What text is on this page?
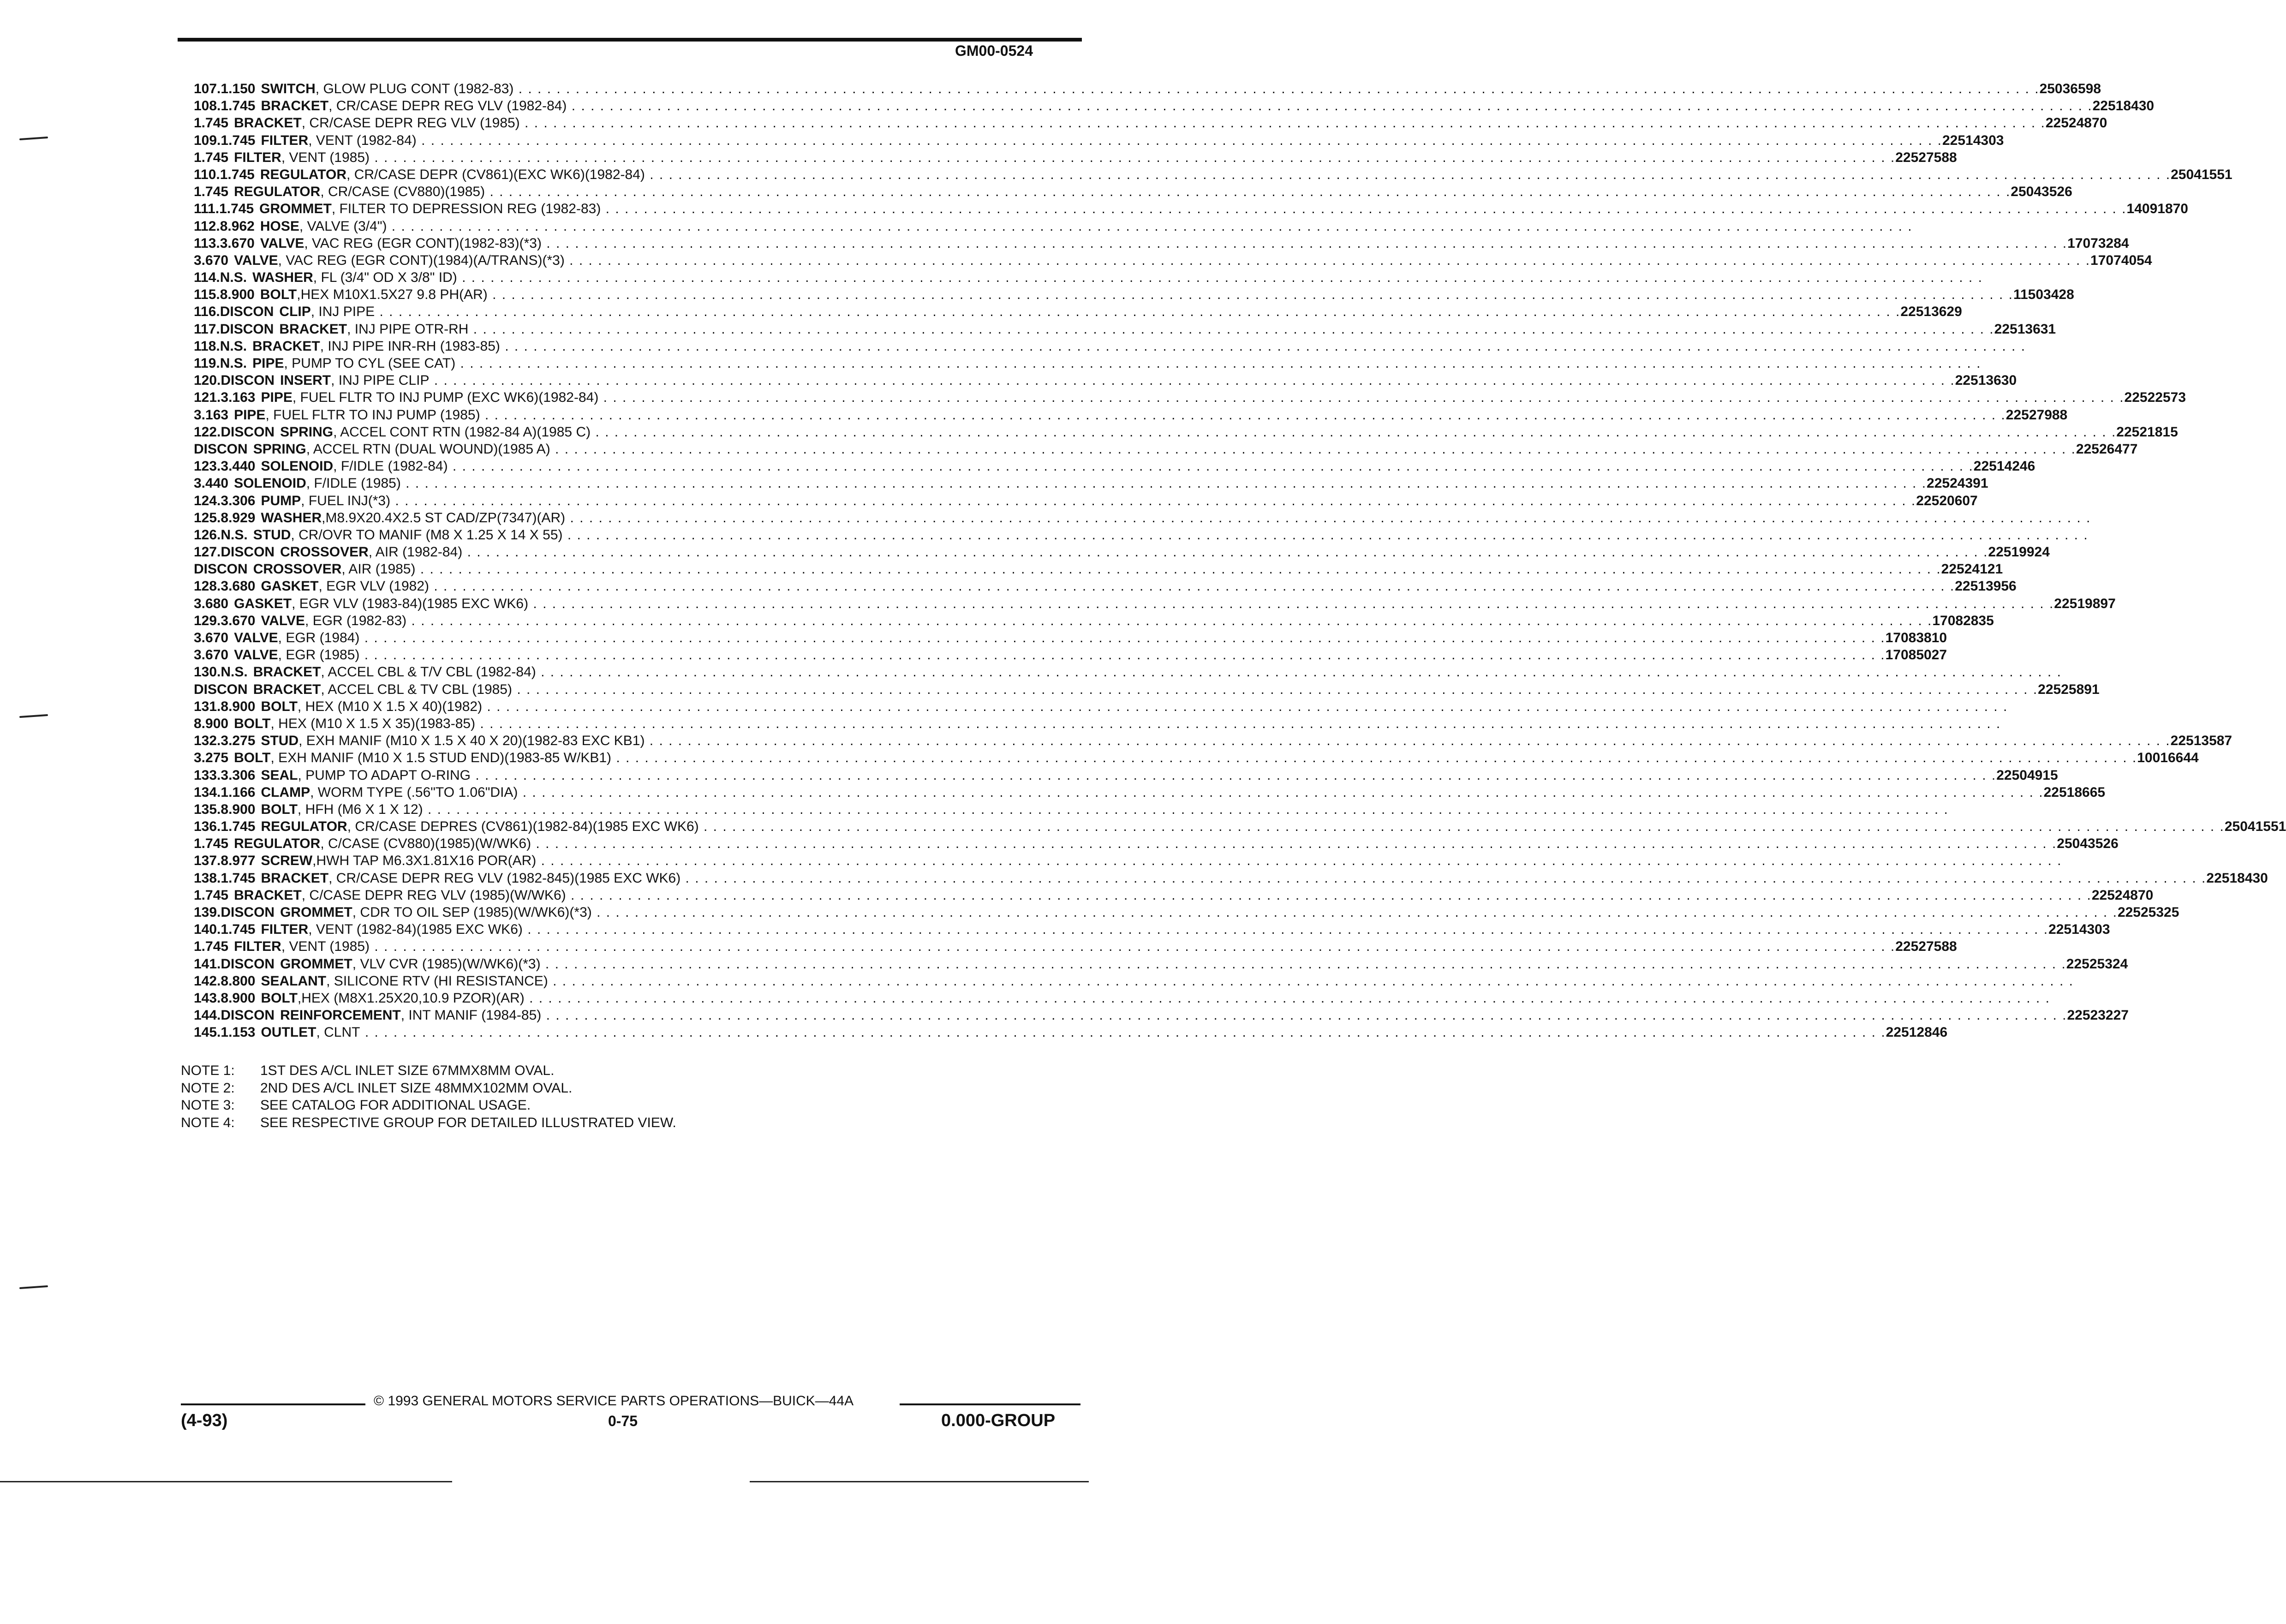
GM00-0524
107. 1.150 SWITCH, GLOW PLUG CONT (1982-83) . . . . . . . . . . . . . . . . . . . . . . . . . . . . . . . . . . . . . . . . . . . . . . . . . . . . . . . . . . . . . . . . . . . . . . . . . . . . . . . . . . . . . . . . . . . . . . . . . . . . . . . . . . . . . . . . . . . . . . . . . . . . . . . . . . . . . . . . . . . . . . . . . . . . . . . . . . . . . . . . 25036598
108. 1.745 BRACKET, CR/CASE DEPR REG VLV (1982-84) . . . . . . . . . . . . . . . . . . . . . . . . . . . . . . . . . . . . . . . . . . . . . . . . . . . . . . . . . . . . . . . . . . . . . . . . . . . . . . . . . . . . . . . . . . . . . . . . . . . . . . . . . . . . . . . . . . . . . . . . . . . . . . . . . . . . . . . . . . . . . . . . . . . . . . . . . . . . . . . . 22518430
1.745 BRACKET, CR/CASE DEPR REG VLV (1985) . . . . . . . . . . . . . . . . . . . . . . . . . . . . . . . . . . . . . . . . . . . . . . . . . . . . . . . . . . . . . . . . . . . . . . . . . . . . . . . . . . . . . . . . . . . . . . . . . . . . . . . . . . . . . . . . . . . . . . . . . . . . . . . . . . . . . . . . . . . . . . . . . . . . . . . . . . . . . . . . 22524870
109. 1.745 FILTER, VENT (1982-84) . . . . . . . . . . . . . . . . . . . . . . . . . . . . . . . . . . . . . . . . . . . . . . . . . . . . . . . . . . . . . . . . . . . . . . . . . . . . . . . . . . . . . . . . . . . . . . . . . . . . . . . . . . . . . . . . . . . . . . . . . . . . . . . . . . . . . . . . . . . . . . . . . . . . . . . . . . . . . . . . 22514303
1.745 FILTER, VENT (1985) . . . . . . . . . . . . . . . . . . . . . . . . . . . . . . . . . . . . . . . . . . . . . . . . . . . . . . . . . . . . . . . . . . . . . . . . . . . . . . . . . . . . . . . . . . . . . . . . . . . . . . . . . . . . . . . . . . . . . . . . . . . . . . . . . . . . . . . . . . . . . . . . . . . . . . . . . . . . . . . . 22527588
110. 1.745 REGULATOR, CR/CASE DEPR (CV861)(EXC WK6)(1982-84) . . . . . . . . . . . . . . . . . . . . . . . . . . . . . . . . . . . . . . . . . . . . . . . . . . . . . . . . . . . . . . . . . . . . . . . . . . . . . . . . . . . . . . . . . . . . . . . . . . . . . . . . . . . . . . . . . . . . . . . . . . . . . . . . . . . . . . . . . . . . . . . . . . . . . . . . . . . . . . . . 25041551
1.745 REGULATOR, CR/CASE (CV880)(1985) . . . . . . . . . . . . . . . . . . . . . . . . . . . . . . . . . . . . . . . . . . . . . . . . . . . . . . . . . . . . . . . . . . . . . . . . . . . . . . . . . . . . . . . . . . . . . . . . . . . . . . . . . . . . . . . . . . . . . . . . . . . . . . . . . . . . . . . . . . . . . . . . . . . . . . . . . . . . . . . . 25043526
111. 1.745 GROMMET, FILTER TO DEPRESSION REG (1982-83) . . . . . . . . . . . . . . . . . . . . . . . . . . . . . . . . . . . . . . . . . . . . . . . . . . . . . . . . . . . . . . . . . . . . . . . . . . . . . . . . . . . . . . . . . . . . . . . . . . . . . . . . . . . . . . . . . . . . . . . . . . . . . . . . . . . . . . . . . . . . . . . . . . . . . . . . . . . . . . . . 14091870
112. 8.962 HOSE, VALVE (3/4") . . . . . . . . . . . . . . . . . . . . . . . . . . . . . . . . . . . . . . . . . . . . . . . . . . . . . . . . . . . . . . . . . . . . . . . . . . . . . . . . . . . . . . . . . . . . . . . . . . . . . . . . . . . . . . . . . . . . . . . . . . . . . . . . . . . . . . . . . . . . . . . . . . . . . . . . . . . . . . . .
113. 3.670 VALVE, VAC REG (EGR CONT)(1982-83)(*3) . . . . . . . . . . . . . . . . . . . . . . . . . . . . . . . . . . . . . . . . . . . . . . . . . . . . . . . . . . . . . . . . . . . . . . . . . . . . . . . . . . . . . . . . . . . . . . . . . . . . . . . . . . . . . . . . . . . . . . . . . . . . . . . . . . . . . . . . . . . . . . . . . . . . . . . . . . . . . . . . 17073284
3.670 VALVE, VAC REG (EGR CONT)(1984)(A/TRANS)(*3) . . . . . . . . . . . . . . . . . . . . . . . . . . . . . . . . . . . . . . . . . . . . . . . . . . . . . . . . . . . . . . . . . . . . . . . . . . . . . . . . . . . . . . . . . . . . . . . . . . . . . . . . . . . . . . . . . . . . . . . . . . . . . . . . . . . . . . . . . . . . . . . . . . . . . . . . . . . . . . . . 17074054
114. N.S. WASHER, FL (3/4" OD X 3/8" ID) . . . . . . . . . . . . . . . . . . . . . . . . . . . . . . . . . . . . . . . . . . . . . . . . . . . . . . . . . . . . . . . . . . . . . . . . . . . . . . . . . . . . . . . . . . . . . . . . . . . . . . . . . . . . . . . . . . . . . . . . . . . . . . . . . . . . . . . . . . . . . . . . . . . . . . . . . . . . . . . .
115. 8.900 BOLT,HEX M10X1.5X27 9.8 PH(AR) . . . . . . . . . . . . . . . . . . . . . . . . . . . . . . . . . . . . . . . . . . . . . . . . . . . . . . . . . . . . . . . . . . . . . . . . . . . . . . . . . . . . . . . . . . . . . . . . . . . . . . . . . . . . . . . . . . . . . . . . . . . . . . . . . . . . . . . . . . . . . . . . . . . . . . . . . . . . . . . . 11503428
116. DISCON CLIP, INJ PIPE . . . . . . . . . . . . . . . . . . . . . . . . . . . . . . . . . . . . . . . . . . . . . . . . . . . . . . . . . . . . . . . . . . . . . . . . . . . . . . . . . . . . . . . . . . . . . . . . . . . . . . . . . . . . . . . . . . . . . . . . . . . . . . . . . . . . . . . . . . . . . . . . . . . . . . . . . . . . . . . . 22513629
117. DISCON BRACKET, INJ PIPE OTR-RH . . . . . . . . . . . . . . . . . . . . . . . . . . . . . . . . . . . . . . . . . . . . . . . . . . . . . . . . . . . . . . . . . . . . . . . . . . . . . . . . . . . . . . . . . . . . . . . . . . . . . . . . . . . . . . . . . . . . . . . . . . . . . . . . . . . . . . . . . . . . . . . . . . . . . . . . . . . . . . . . 22513631
118. N.S. BRACKET, INJ PIPE INR-RH (1983-85) . . . . . . . . . . . . . . . . . . . . . . . . . . . . . . . . . . . . . . . . . . . . . . . . . . . . . . . . . . . . . . . . . . . . . . . . . . . . . . . . . . . . . . . . . . . . . . . . . . . . . . . . . . . . . . . . . . . . . . . . . . . . . . . . . . . . . . . . . . . . . . . . . . . . . . . . . . . . . . . .
119. N.S. PIPE, PUMP TO CYL (SEE CAT) . . . . . . . . . . . . . . . . . . . . . . . . . . . . . . . . . . . . . . . . . . . . . . . . . . . . . . . . . . . . . . . . . . . . . . . . . . . . . . . . . . . . . . . . . . . . . . . . . . . . . . . . . . . . . . . . . . . . . . . . . . . . . . . . . . . . . . . . . . . . . . . . . . . . . . . . . . . . . . . .
120. DISCON INSERT, INJ PIPE CLIP . . . . . . . . . . . . . . . . . . . . . . . . . . . . . . . . . . . . . . . . . . . . . . . . . . . . . . . . . . . . . . . . . . . . . . . . . . . . . . . . . . . . . . . . . . . . . . . . . . . . . . . . . . . . . . . . . . . . . . . . . . . . . . . . . . . . . . . . . . . . . . . . . . . . . . . . . . . . . . . . 22513630
121. 3.163 PIPE, FUEL FLTR TO INJ PUMP (EXC WK6)(1982-84) . . . . . . . . . . . . . . . . . . . . . . . . . . . . . . . . . . . . . . . . . . . . . . . . . . . . . . . . . . . . . . . . . . . . . . . . . . . . . . . . . . . . . . . . . . . . . . . . . . . . . . . . . . . . . . . . . . . . . . . . . . . . . . . . . . . . . . . . . . . . . . . . . . . . . . . . . . . . . . . . 22522573
3.163 PIPE, FUEL FLTR TO INJ PUMP (1985) . . . . . . . . . . . . . . . . . . . . . . . . . . . . . . . . . . . . . . . . . . . . . . . . . . . . . . . . . . . . . . . . . . . . . . . . . . . . . . . . . . . . . . . . . . . . . . . . . . . . . . . . . . . . . . . . . . . . . . . . . . . . . . . . . . . . . . . . . . . . . . . . . . . . . . . . . . . . . . . . 22527988
122. DISCON SPRING, ACCEL CONT RTN (1982-84 A)(1985 C) . . . . . . . . . . . . . . . . . . . . . . . . . . . . . . . . . . . . . . . . . . . . . . . . . . . . . . . . . . . . . . . . . . . . . . . . . . . . . . . . . . . . . . . . . . . . . . . . . . . . . . . . . . . . . . . . . . . . . . . . . . . . . . . . . . . . . . . . . . . . . . . . . . . . . . . . . . . . . . . . 22521815
DISCON SPRING, ACCEL RTN (DUAL WOUND)(1985 A) . . . . . . . . . . . . . . . . . . . . . . . . . . . . . . . . . . . . . . . . . . . . . . . . . . . . . . . . . . . . . . . . . . . . . . . . . . . . . . . . . . . . . . . . . . . . . . . . . . . . . . . . . . . . . . . . . . . . . . . . . . . . . . . . . . . . . . . . . . . . . . . . . . . . . . . . . . . . . . . . 22526477
123. 3.440 SOLENOID, F/IDLE (1982-84) . . . . . . . . . . . . . . . . . . . . . . . . . . . . . . . . . . . . . . . . . . . . . . . . . . . . . . . . . . . . . . . . . . . . . . . . . . . . . . . . . . . . . . . . . . . . . . . . . . . . . . . . . . . . . . . . . . . . . . . . . . . . . . . . . . . . . . . . . . . . . . . . . . . . . . . . . . . . . . . . 22514246
3.440 SOLENOID, F/IDLE (1985) . . . . . . . . . . . . . . . . . . . . . . . . . . . . . . . . . . . . . . . . . . . . . . . . . . . . . . . . . . . . . . . . . . . . . . . . . . . . . . . . . . . . . . . . . . . . . . . . . . . . . . . . . . . . . . . . . . . . . . . . . . . . . . . . . . . . . . . . . . . . . . . . . . . . . . . . . . . . . . . . 22524391
124. 3.306 PUMP, FUEL INJ(*3) . . . . . . . . . . . . . . . . . . . . . . . . . . . . . . . . . . . . . . . . . . . . . . . . . . . . . . . . . . . . . . . . . . . . . . . . . . . . . . . . . . . . . . . . . . . . . . . . . . . . . . . . . . . . . . . . . . . . . . . . . . . . . . . . . . . . . . . . . . . . . . . . . . . . . . . . . . . . . . . . 22520607
125. 8.929 WASHER,M8.9X20.4X2.5 ST CAD/ZP(7347)(AR) . . . . . . . . . . . . . . . . . . . . . . . . . . . . . . . . . . . . . . . . . . . . . . . . . . . . . . . . . . . . . . . . . . . . . . . . . . . . . . . . . . . . . . . . . . . . . . . . . . . . . . . . . . . . . . . . . . . . . . . . . . . . . . . . . . . . . . . . . . . . . . . . . . . . . . . . . . . . . . . .
126. N.S. STUD, CR/OVR TO MANIF (M8 X 1.25 X 14 X 55) . . . . . . . . . . . . . . . . . . . . . . . . . . . . . . . . . . . . . . . . . . . . . . . . . . . . . . . . . . . . . . . . . . . . . . . . . . . . . . . . . . . . . . . . . . . . . . . . . . . . . . . . . . . . . . . . . . . . . . . . . . . . . . . . . . . . . . . . . . . . . . . . . . . . . . . . . . . . . . . .
127. DISCON CROSSOVER, AIR (1982-84) . . . . . . . . . . . . . . . . . . . . . . . . . . . . . . . . . . . . . . . . . . . . . . . . . . . . . . . . . . . . . . . . . . . . . . . . . . . . . . . . . . . . . . . . . . . . . . . . . . . . . . . . . . . . . . . . . . . . . . . . . . . . . . . . . . . . . . . . . . . . . . . . . . . . . . . . . . . . . . . . 22519924
DISCON CROSSOVER, AIR (1985) . . . . . . . . . . . . . . . . . . . . . . . . . . . . . . . . . . . . . . . . . . . . . . . . . . . . . . . . . . . . . . . . . . . . . . . . . . . . . . . . . . . . . . . . . . . . . . . . . . . . . . . . . . . . . . . . . . . . . . . . . . . . . . . . . . . . . . . . . . . . . . . . . . . . . . . . . . . . . . . . 22524121
128. 3.680 GASKET, EGR VLV (1982) . . . . . . . . . . . . . . . . . . . . . . . . . . . . . . . . . . . . . . . . . . . . . . . . . . . . . . . . . . . . . . . . . . . . . . . . . . . . . . . . . . . . . . . . . . . . . . . . . . . . . . . . . . . . . . . . . . . . . . . . . . . . . . . . . . . . . . . . . . . . . . . . . . . . . . . . . . . . . . . . 22513956
3.680 GASKET, EGR VLV (1983-84)(1985 EXC WK6) . . . . . . . . . . . . . . . . . . . . . . . . . . . . . . . . . . . . . . . . . . . . . . . . . . . . . . . . . . . . . . . . . . . . . . . . . . . . . . . . . . . . . . . . . . . . . . . . . . . . . . . . . . . . . . . . . . . . . . . . . . . . . . . . . . . . . . . . . . . . . . . . . . . . . . . . . . . . . . . . 22519897
129. 3.670 VALVE, EGR (1982-83) . . . . . . . . . . . . . . . . . . . . . . . . . . . . . . . . . . . . . . . . . . . . . . . . . . . . . . . . . . . . . . . . . . . . . . . . . . . . . . . . . . . . . . . . . . . . . . . . . . . . . . . . . . . . . . . . . . . . . . . . . . . . . . . . . . . . . . . . . . . . . . . . . . . . . . . . . . . . . . . . 17082835
3.670 VALVE, EGR (1984) . . . . . . . . . . . . . . . . . . . . . . . . . . . . . . . . . . . . . . . . . . . . . . . . . . . . . . . . . . . . . . . . . . . . . . . . . . . . . . . . . . . . . . . . . . . . . . . . . . . . . . . . . . . . . . . . . . . . . . . . . . . . . . . . . . . . . . . . . . . . . . . . . . . . . . . . . . . . . . . . 17083810
3.670 VALVE, EGR (1985) . . . . . . . . . . . . . . . . . . . . . . . . . . . . . . . . . . . . . . . . . . . . . . . . . . . . . . . . . . . . . . . . . . . . . . . . . . . . . . . . . . . . . . . . . . . . . . . . . . . . . . . . . . . . . . . . . . . . . . . . . . . . . . . . . . . . . . . . . . . . . . . . . . . . . . . . . . . . . . . . 17085027
130. N.S. BRACKET, ACCEL CBL & T/V CBL (1982-84) . . . . . . . . . . . . . . . . . . . . . . . . . . . . . . . . . . . . . . . . . . . . . . . . . . . . . . . . . . . . . . . . . . . . . . . . . . . . . . . . . . . . . . . . . . . . . . . . . . . . . . . . . . . . . . . . . . . . . . . . . . . . . . . . . . . . . . . . . . . . . . . . . . . . . . . . . . . . . . . .
DISCON BRACKET, ACCEL CBL & TV CBL (1985) . . . . . . . . . . . . . . . . . . . . . . . . . . . . . . . . . . . . . . . . . . . . . . . . . . . . . . . . . . . . . . . . . . . . . . . . . . . . . . . . . . . . . . . . . . . . . . . . . . . . . . . . . . . . . . . . . . . . . . . . . . . . . . . . . . . . . . . . . . . . . . . . . . . . . . . . . . . . . . . . 22525891
131. 8.900 BOLT, HEX (M10 X 1.5 X 40)(1982) . . . . . . . . . . . . . . . . . . . . . . . . . . . . . . . . . . . . . . . . . . . . . . . . . . . . . . . . . . . . . . . . . . . . . . . . . . . . . . . . . . . . . . . . . . . . . . . . . . . . . . . . . . . . . . . . . . . . . . . . . . . . . . . . . . . . . . . . . . . . . . . . . . . . . . . . . . . . . . . .
8.900 BOLT, HEX (M10 X 1.5 X 35)(1983-85) . . . . . . . . . . . . . . . . . . . . . . . . . . . . . . . . . . . . . . . . . . . . . . . . . . . . . . . . . . . . . . . . . . . . . . . . . . . . . . . . . . . . . . . . . . . . . . . . . . . . . . . . . . . . . . . . . . . . . . . . . . . . . . . . . . . . . . . . . . . . . . . . . . . . . . . . . . . . . . . .
132. 3.275 STUD, EXH MANIF (M10 X 1.5 X 40 X 20)(1982-83 EXC KB1) . . . . . . . . . . . . . . . . . . . . . . . . . . . . . . . . . . . . . . . . . . . . . . . . . . . . . . . . . . . . . . . . . . . . . . . . . . . . . . . . . . . . . . . . . . . . . . . . . . . . . . . . . . . . . . . . . . . . . . . . . . . . . . . . . . . . . . . . . . . . . . . . . . . . . . . . . . . . . . . . 22513587
3.275 BOLT, EXH MANIF (M10 X 1.5 STUD END)(1983-85 W/KB1) . . . . . . . . . . . . . . . . . . . . . . . . . . . . . . . . . . . . . . . . . . . . . . . . . . . . . . . . . . . . . . . . . . . . . . . . . . . . . . . . . . . . . . . . . . . . . . . . . . . . . . . . . . . . . . . . . . . . . . . . . . . . . . . . . . . . . . . . . . . . . . . . . . . . . . . . . . . . . . . . 10016644
133. 3.306 SEAL, PUMP TO ADAPT O-RING . . . . . . . . . . . . . . . . . . . . . . . . . . . . . . . . . . . . . . . . . . . . . . . . . . . . . . . . . . . . . . . . . . . . . . . . . . . . . . . . . . . . . . . . . . . . . . . . . . . . . . . . . . . . . . . . . . . . . . . . . . . . . . . . . . . . . . . . . . . . . . . . . . . . . . . . . . . . . . . . 22504915
134. 1.166 CLAMP, WORM TYPE (.56"TO 1.06"DIA) . . . . . . . . . . . . . . . . . . . . . . . . . . . . . . . . . . . . . . . . . . . . . . . . . . . . . . . . . . . . . . . . . . . . . . . . . . . . . . . . . . . . . . . . . . . . . . . . . . . . . . . . . . . . . . . . . . . . . . . . . . . . . . . . . . . . . . . . . . . . . . . . . . . . . . . . . . . . . . . . 22518665
135. 8.900 BOLT, HFH (M6 X 1 X 12) . . . . . . . . . . . . . . . . . . . . . . . . . . . . . . . . . . . . . . . . . . . . . . . . . . . . . . . . . . . . . . . . . . . . . . . . . . . . . . . . . . . . . . . . . . . . . . . . . . . . . . . . . . . . . . . . . . . . . . . . . . . . . . . . . . . . . . . . . . . . . . . . . . . . . . . . . . . . . . . .
136. 1.745 REGULATOR, CR/CASE DEPRES (CV861)(1982-84)(1985 EXC WK6) . . . . . . . . . . . . . . . . . . . . . . . . . . . . . . . . . . . . . . . . . . . . . . . . . . . . . . . . . . . . . . . . . . . . . . . . . . . . . . . . . . . . . . . . . . . . . . . . . . . . . . . . . . . . . . . . . . . . . . . . . . . . . . . . . . . . . . . . . . . . . . . . . . . . . . . . . . . . . . . . 25041551
1.745 REGULATOR, C/CASE (CV880)(1985)(W/WK6) . . . . . . . . . . . . . . . . . . . . . . . . . . . . . . . . . . . . . . . . . . . . . . . . . . . . . . . . . . . . . . . . . . . . . . . . . . . . . . . . . . . . . . . . . . . . . . . . . . . . . . . . . . . . . . . . . . . . . . . . . . . . . . . . . . . . . . . . . . . . . . . . . . . . . . . . . . . . . . . . 25043526
137. 8.977 SCREW,HWH TAP M6.3X1.81X16 POR(AR) . . . . . . . . . . . . . . . . . . . . . . . . . . . . . . . . . . . . . . . . . . . . . . . . . . . . . . . . . . . . . . . . . . . . . . . . . . . . . . . . . . . . . . . . . . . . . . . . . . . . . . . . . . . . . . . . . . . . . . . . . . . . . . . . . . . . . . . . . . . . . . . . . . . . . . . . . . . . . . . .
138. 1.745 BRACKET, CR/CASE DEPR REG VLV (1982-845)(1985 EXC WK6) . . . . . . . . . . . . . . . . . . . . . . . . . . . . . . . . . . . . . . . . . . . . . . . . . . . . . . . . . . . . . . . . . . . . . . . . . . . . . . . . . . . . . . . . . . . . . . . . . . . . . . . . . . . . . . . . . . . . . . . . . . . . . . . . . . . . . . . . . . . . . . . . . . . . . . . . . . . . . . . . 22518430
1.745 BRACKET, C/CASE DEPR REG VLV (1985)(W/WK6) . . . . . . . . . . . . . . . . . . . . . . . . . . . . . . . . . . . . . . . . . . . . . . . . . . . . . . . . . . . . . . . . . . . . . . . . . . . . . . . . . . . . . . . . . . . . . . . . . . . . . . . . . . . . . . . . . . . . . . . . . . . . . . . . . . . . . . . . . . . . . . . . . . . . . . . . . . . . . . . . 22524870
139. DISCON GROMMET, CDR TO OIL SEP (1985)(W/WK6)(*3) . . . . . . . . . . . . . . . . . . . . . . . . . . . . . . . . . . . . . . . . . . . . . . . . . . . . . . . . . . . . . . . . . . . . . . . . . . . . . . . . . . . . . . . . . . . . . . . . . . . . . . . . . . . . . . . . . . . . . . . . . . . . . . . . . . . . . . . . . . . . . . . . . . . . . . . . . . . . . . . . 22525325
140. 1.745 FILTER, VENT (1982-84)(1985 EXC WK6) . . . . . . . . . . . . . . . . . . . . . . . . . . . . . . . . . . . . . . . . . . . . . . . . . . . . . . . . . . . . . . . . . . . . . . . . . . . . . . . . . . . . . . . . . . . . . . . . . . . . . . . . . . . . . . . . . . . . . . . . . . . . . . . . . . . . . . . . . . . . . . . . . . . . . . . . . . . . . . . . 22514303
1.745 FILTER, VENT (1985) . . . . . . . . . . . . . . . . . . . . . . . . . . . . . . . . . . . . . . . . . . . . . . . . . . . . . . . . . . . . . . . . . . . . . . . . . . . . . . . . . . . . . . . . . . . . . . . . . . . . . . . . . . . . . . . . . . . . . . . . . . . . . . . . . . . . . . . . . . . . . . . . . . . . . . . . . . . . . . . . 22527588
141. DISCON GROMMET, VLV CVR (1985)(W/WK6)(*3) . . . . . . . . . . . . . . . . . . . . . . . . . . . . . . . . . . . . . . . . . . . . . . . . . . . . . . . . . . . . . . . . . . . . . . . . . . . . . . . . . . . . . . . . . . . . . . . . . . . . . . . . . . . . . . . . . . . . . . . . . . . . . . . . . . . . . . . . . . . . . . . . . . . . . . . . . . . . . . . . 22525324
142. 8.800 SEALANT, SILICONE RTV (HI RESISTANCE) . . . . . . . . . . . . . . . . . . . . . . . . . . . . . . . . . . . . . . . . . . . . . . . . . . . . . . . . . . . . . . . . . . . . . . . . . . . . . . . . . . . . . . . . . . . . . . . . . . . . . . . . . . . . . . . . . . . . . . . . . . . . . . . . . . . . . . . . . . . . . . . . . . . . . . . . . . . . . . . .
143. 8.900 BOLT,HEX (M8X1.25X20,10.9 PZOR)(AR) . . . . . . . . . . . . . . . . . . . . . . . . . . . . . . . . . . . . . . . . . . . . . . . . . . . . . . . . . . . . . . . . . . . . . . . . . . . . . . . . . . . . . . . . . . . . . . . . . . . . . . . . . . . . . . . . . . . . . . . . . . . . . . . . . . . . . . . . . . . . . . . . . . . . . . . . . . . . . . . .
144. DISCON REINFORCEMENT, INT MANIF (1984-85) . . . . . . . . . . . . . . . . . . . . . . . . . . . . . . . . . . . . . . . . . . . . . . . . . . . . . . . . . . . . . . . . . . . . . . . . . . . . . . . . . . . . . . . . . . . . . . . . . . . . . . . . . . . . . . . . . . . . . . . . . . . . . . . . . . . . . . . . . . . . . . . . . . . . . . . . . . . . . . . . 22523227
145. 1.153 OUTLET, CLNT . . . . . . . . . . . . . . . . . . . . . . . . . . . . . . . . . . . . . . . . . . . . . . . . . . . . . . . . . . . . . . . . . . . . . . . . . . . . . . . . . . . . . . . . . . . . . . . . . . . . . . . . . . . . . . . . . . . . . . . . . . . . . . . . . . . . . . . . . . . . . . . . . . . . . . . . . . . . . . . . 22512846
NOTE 1: 1ST DES A/CL INLET SIZE 67MMX8MM OVAL.
NOTE 2: 2ND DES A/CL INLET SIZE 48MMX102MM OVAL.
NOTE 3: SEE CATALOG FOR ADDITIONAL USAGE.
NOTE 4: SEE RESPECTIVE GROUP FOR DETAILED ILLUSTRATED VIEW.
© 1993 GENERAL MOTORS SERVICE PARTS OPERATIONS—BUICK—44A
(4-93)	0-75	0.000-GROUP
